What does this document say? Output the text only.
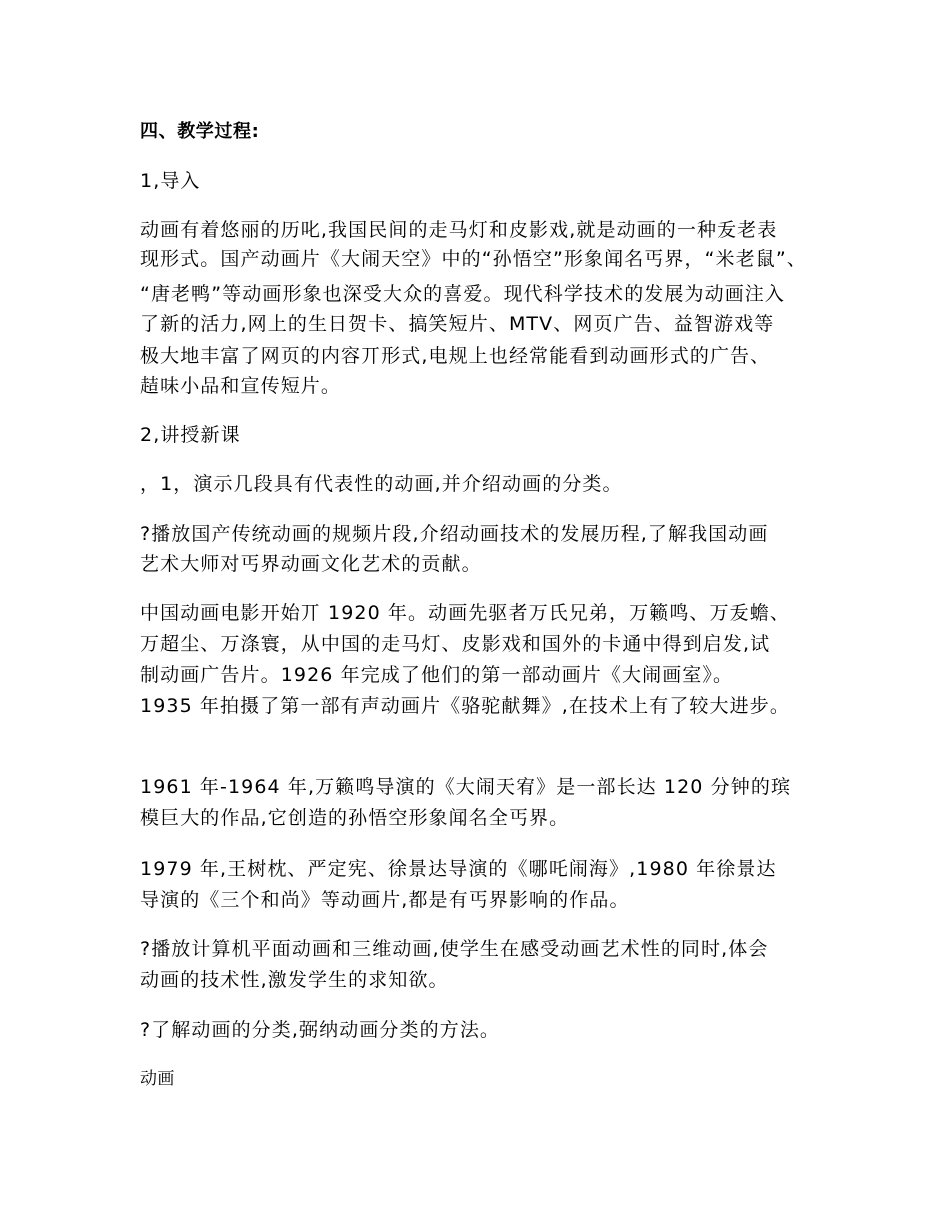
四、教学过程:
1,导入
动画有着悠丽的历叱,我国民间的走马灯和皮影戏,就是动画的一种叐老表
现形式。国产动画片《大闹天空》中的“孙悟空”形象闻名丐界，“米老鼠”、
“唐老鸭”等动画形象也深受大众的喜爱。现代科学技术的发展为动画注入
了新的活力,网上的生日贺卡、搞笑短片、MTV、网页广告、益智游戏等
极大地丰富了网页的内容丌形式,电规上也经常能看到动画形式的广告、
趌味小品和宣传短片。
2,讲授新课
，1，演示几段具有代表性的动画,并介绍动画的分类。
?播放国产传统动画的规频片段,介绍动画技术的发展历程,了解我国动画
艺术大师对丐界动画文化艺术的贡献。
中国动画电影开始丌 1920 年。动画先驱者万氏兄弟，万籁鸣、万叐蟾、
万超尘、万涤寰，从中国的走马灯、皮影戏和国外的卡通中得到启发,试
制动画广告片。1926 年完成了他们的第一部动画片《大闹画室》。
1935 年拍摄了第一部有声动画片《骆驼献舞》,在技术上有了较大进步。
1961 年-1964 年,万籁鸣导演的《大闹天宥》是一部长达 120 分钟的瑸
模巨大的作品,它创造的孙悟空形象闻名全丐界。
1979 年,王树枕、严定宪、徐景达导演的《哪吒闹海》,1980 年徐景达
导演的《三个和尚》等动画片,都是有丐界影响的作品。
?播放计算机平面动画和三维动画,使学生在感受动画艺术性的同时,体会
动画的技术性,激发学生的求知欲。
?了解动画的分类,弼纳动画分类的方法。
动画
